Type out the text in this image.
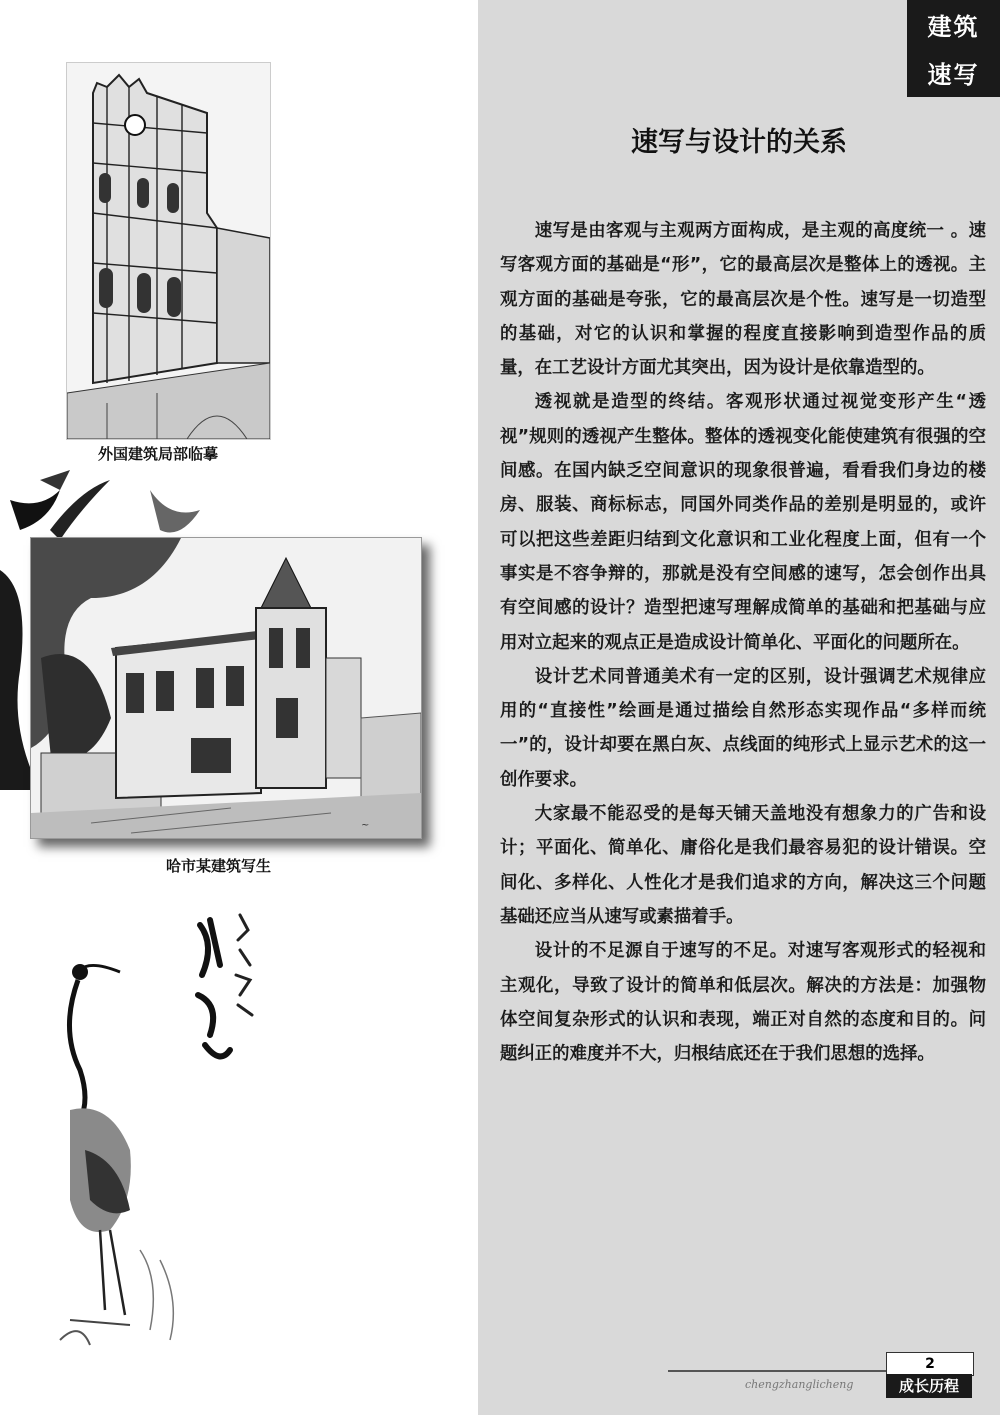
外国建筑局部临摹
~
哈市某建筑写生
建筑
速写
速写与设计的关系

速写是由客观与主观两方面构成，是主观的高度统一 。速写客观方面的基础是“形”，它的最高层次是整体上的透视。主观方面的基础是夸张，它的最高层次是个性。速写是一切造型的基础，对它的认识和掌握的程度直接影响到造型作品的质量，在工艺设计方面尤其突出，因为设计是依靠造型的。

透视就是造型的终结。客观形状通过视觉变形产生“透视”规则的透视产生整体。整体的透视变化能使建筑有很强的空间感。在国内缺乏空间意识的现象很普遍，看看我们身边的楼房、服装、商标标志，同国外同类作品的差别是明显的，或许可以把这些差距归结到文化意识和工业化程度上面，但有一个事实是不容争辩的，那就是没有空间感的速写，怎会创作出具有空间感的设计？造型把速写理解成简单的基础和把基础与应用对立起来的观点正是造成设计简单化、平面化的问题所在。

设计艺术同普通美术有一定的区别，设计强调艺术规律应用的“直接性”绘画是通过描绘自然形态实现作品“多样而统一”的，设计却要在黑白灰、点线面的纯形式上显示艺术的这一创作要求。

大家最不能忍受的是每天铺天盖地没有想象力的广告和设计；平面化、简单化、庸俗化是我们最容易犯的设计错误。空间化、多样化、人性化才是我们追求的方向，解决这三个问题基础还应当从速写或素描着手。

设计的不足源自于速写的不足。对速写客观形式的轻视和主观化，导致了设计的简单和低层次。解决的方法是：加强物体空间复杂形式的认识和表现，端正对自然的态度和目的。问题纠正的难度并不大，归根结底还在于我们思想的选择。

chengzhanglicheng
2
成长历程
